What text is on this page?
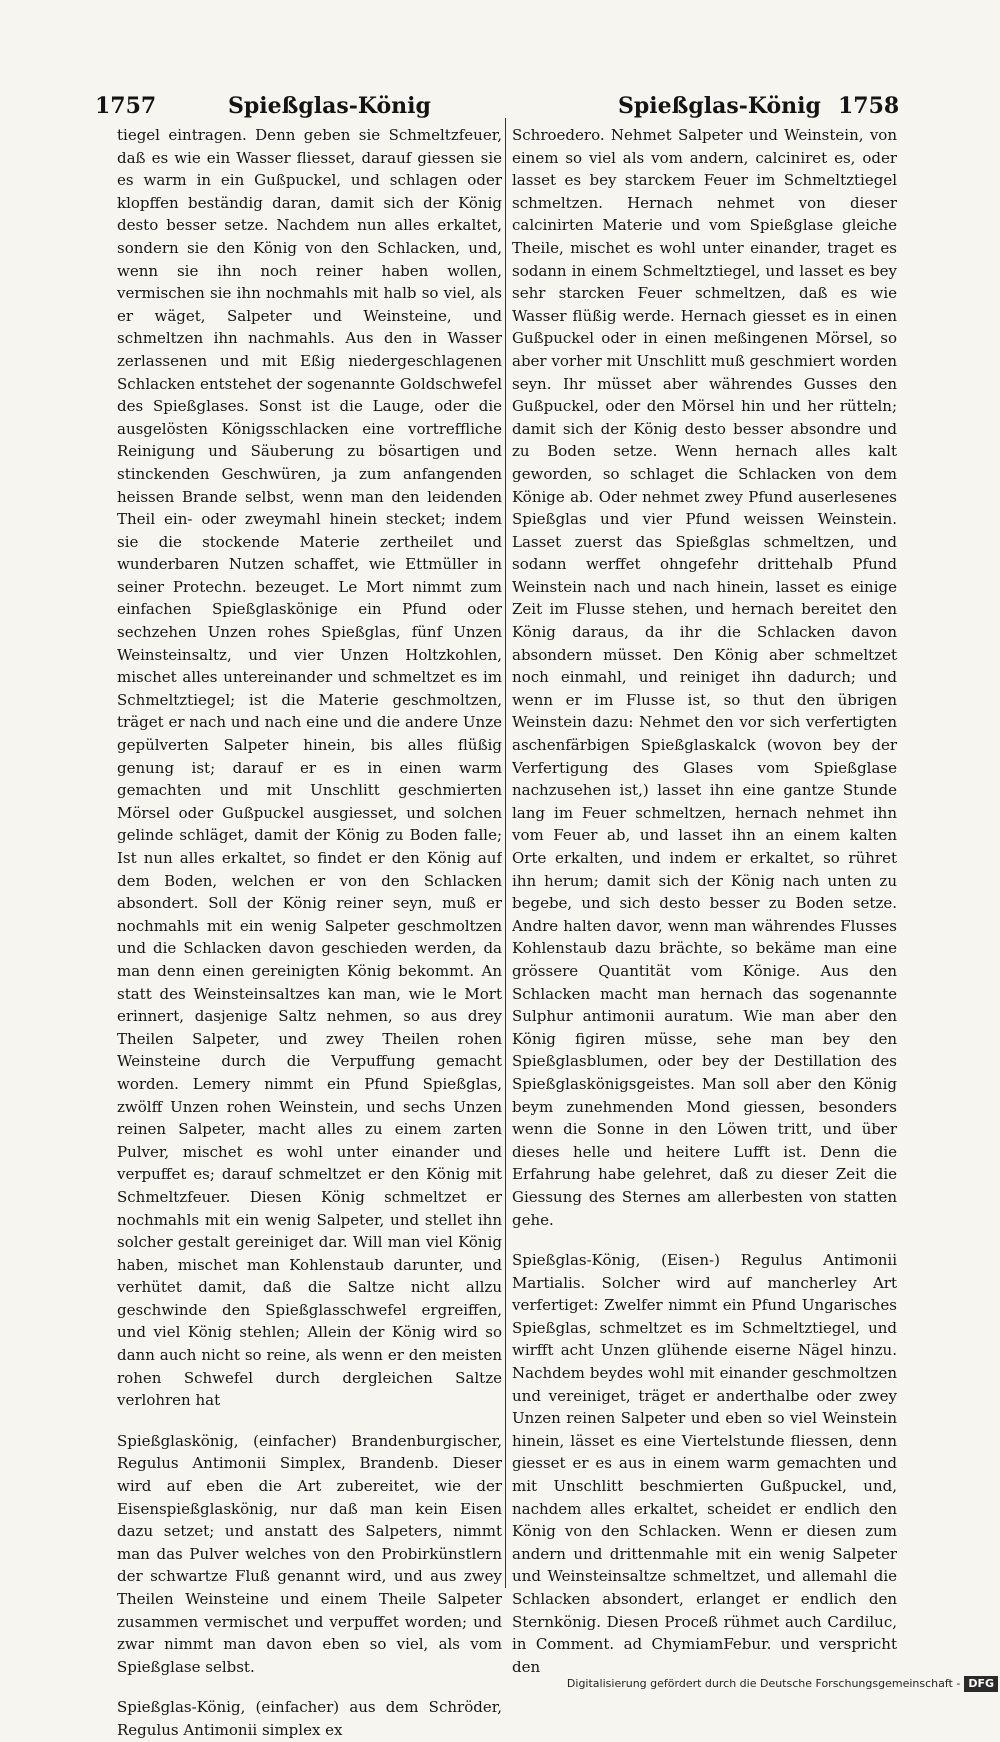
1757	Spießglas-König	Spießglas-König 1758

tiegel eintragen. Denn geben sie Schmeltzfeuer, daß es wie ein Wasser fliesset, darauf giessen sie es warm in ein Gußpuckel, und schlagen oder klopffen beständig daran, damit sich der König desto besser setze. Nachdem nun alles erkaltet, sondern sie den König von den Schlacken, und, wenn sie ihn noch reiner haben wollen, vermischen sie ihn nochmahls mit halb so viel, als er wäget, Salpeter und Weinsteine, und schmeltzen ihn nachmahls. Aus den in Wasser zerlassenen und mit Eßig niedergeschlagenen Schlacken entstehet der sogenannte Goldschwefel des Spießglases. Sonst ist die Lauge, oder die ausgelösten Königsschlacken eine vortreffliche Reinigung und Säuberung zu bösartigen und stinckenden Geschwüren, ja zum anfangenden heissen Brande selbst, wenn man den leidenden Theil ein- oder zweymahl hinein stecket; indem sie die stockende Materie zertheilet und wunderbaren Nutzen schaffet, wie Ettmüller in seiner Protechn. bezeuget. Le Mort nimmt zum einfachen Spießglaskönige ein Pfund oder sechzehen Unzen rohes Spießglas, fünf Unzen Weinsteinsaltz, und vier Unzen Holtzkohlen, mischet alles untereinander und schmeltzet es im Schmeltztiegel; ist die Materie geschmoltzen, träget er nach und nach eine und die andere Unze gepülverten Salpeter hinein, bis alles flüßig genung ist; darauf er es in einen warm gemachten und mit Unschlitt geschmierten Mörsel oder Gußpuckel ausgiesset, und solchen gelinde schläget, damit der König zu Boden falle; Ist nun alles erkaltet, so findet er den König auf dem Boden, welchen er von den Schlacken absondert. Soll der König reiner seyn, muß er nochmahls mit ein wenig Salpeter geschmoltzen und die Schlacken davon geschieden werden, da man denn einen gereinigten König bekommt. An statt des Weinsteinsaltzes kan man, wie le Mort erinnert, dasjenige Saltz nehmen, so aus drey Theilen Salpeter, und zwey Theilen rohen Weinsteine durch die Verpuffung gemacht worden. Lemery nimmt ein Pfund Spießglas, zwölff Unzen rohen Weinstein, und sechs Unzen reinen Salpeter, macht alles zu einem zarten Pulver, mischet es wohl unter einander und verpuffet es; darauf schmeltzet er den König mit Schmeltzfeuer. Diesen König schmeltzet er nochmahls mit ein wenig Salpeter, und stellet ihn solcher gestalt gereiniget dar. Will man viel König haben, mischet man Kohlenstaub darunter, und verhütet damit, daß die Saltze nicht allzu geschwinde den Spießglasschwefel ergreiffen, und viel König stehlen; Allein der König wird so dann auch nicht so reine, als wenn er den meisten rohen Schwefel durch dergleichen Saltze verlohren hat

Spießglaskönig, (einfacher) Brandenburgischer, Regulus Antimonii Simplex, Brandenb. Dieser wird auf eben die Art zubereitet, wie der Eisenspießglaskönig, nur daß man kein Eisen dazu setzet; und anstatt des Salpeters, nimmt man das Pulver welches von den Probirkünstlern der schwartze Fluß genannt wird, und aus zwey Theilen Weinsteine und einem Theile Salpeter zusammen vermischet und verpuffet worden; und zwar nimmt man davon eben so viel, als vom Spießglase selbst.

Spießglas-König, (einfacher) aus dem Schröder, Regulus Antimonii simplex ex

Schroedero. Nehmet Salpeter und Weinstein, von einem so viel als vom andern, calciniret es, oder lasset es bey starckem Feuer im Schmeltztiegel schmeltzen. Hernach nehmet von dieser calcinirten Materie und vom Spießglase gleiche Theile, mischet es wohl unter einander, traget es sodann in einem Schmeltztiegel, und lasset es bey sehr starcken Feuer schmeltzen, daß es wie Wasser flüßig werde. Hernach giesset es in einen Gußpuckel oder in einen meßingenen Mörsel, so aber vorher mit Unschlitt muß geschmiert worden seyn. Ihr müsset aber währendes Gusses den Gußpuckel, oder den Mörsel hin und her rütteln; damit sich der König desto besser absondre und zu Boden setze. Wenn hernach alles kalt geworden, so schlaget die Schlacken von dem Könige ab. Oder nehmet zwey Pfund auserlesenes Spießglas und vier Pfund weissen Weinstein. Lasset zuerst das Spießglas schmeltzen, und sodann werffet ohngefehr drittehalb Pfund Weinstein nach und nach hinein, lasset es einige Zeit im Flusse stehen, und hernach bereitet den König daraus, da ihr die Schlacken davon absondern müsset. Den König aber schmeltzet noch einmahl, und reiniget ihn dadurch; und wenn er im Flusse ist, so thut den übrigen Weinstein dazu: Nehmet den vor sich verfertigten aschenfärbigen Spießglaskalck (wovon bey der Verfertigung des Glases vom Spießglase nachzusehen ist,) lasset ihn eine gantze Stunde lang im Feuer schmeltzen, hernach nehmet ihn vom Feuer ab, und lasset ihn an einem kalten Orte erkalten, und indem er erkaltet, so rühret ihn herum; damit sich der König nach unten zu begebe, und sich desto besser zu Boden setze. Andre halten davor, wenn man währendes Flusses Kohlenstaub dazu brächte, so bekäme man eine grössere Quantität vom Könige. Aus den Schlacken macht man hernach das sogenannte Sulphur antimonii auratum. Wie man aber den König figiren müsse, sehe man bey den Spießglasblumen, oder bey der Destillation des Spießglaskönigsgeistes. Man soll aber den König beym zunehmenden Mond giessen, besonders wenn die Sonne in den Löwen tritt, und über dieses helle und heitere Lufft ist. Denn die Erfahrung habe gelehret, daß zu dieser Zeit die Giessung des Sternes am allerbesten von statten gehe.

Spießglas-König, (Eisen-) Regulus Antimonii Martialis. Solcher wird auf mancherley Art verfertiget: Zwelfer nimmt ein Pfund Ungarisches Spießglas, schmeltzet es im Schmeltztiegel, und wirfft acht Unzen glühende eiserne Nägel hinzu. Nachdem beydes wohl mit einander geschmoltzen und vereiniget, träget er anderthalbe oder zwey Unzen reinen Salpeter und eben so viel Weinstein hinein, lässet es eine Viertelstunde fliessen, denn giesset er es aus in einem warm gemachten und mit Unschlitt beschmierten Gußpuckel, und, nachdem alles erkaltet, scheidet er endlich den König von den Schlacken. Wenn er diesen zum andern und drittenmahle mit ein wenig Salpeter und Weinsteinsaltze schmeltzet, und allemahl die Schlacken absondert, erlanget er endlich den Sternkönig. Diesen Proceß rühmet auch Cardiluc, in Comment. ad ChymiamFebur. und verspricht den

Digitalisierung gefördert durch die Deutsche Forschungsgemeinschaft - DFG
